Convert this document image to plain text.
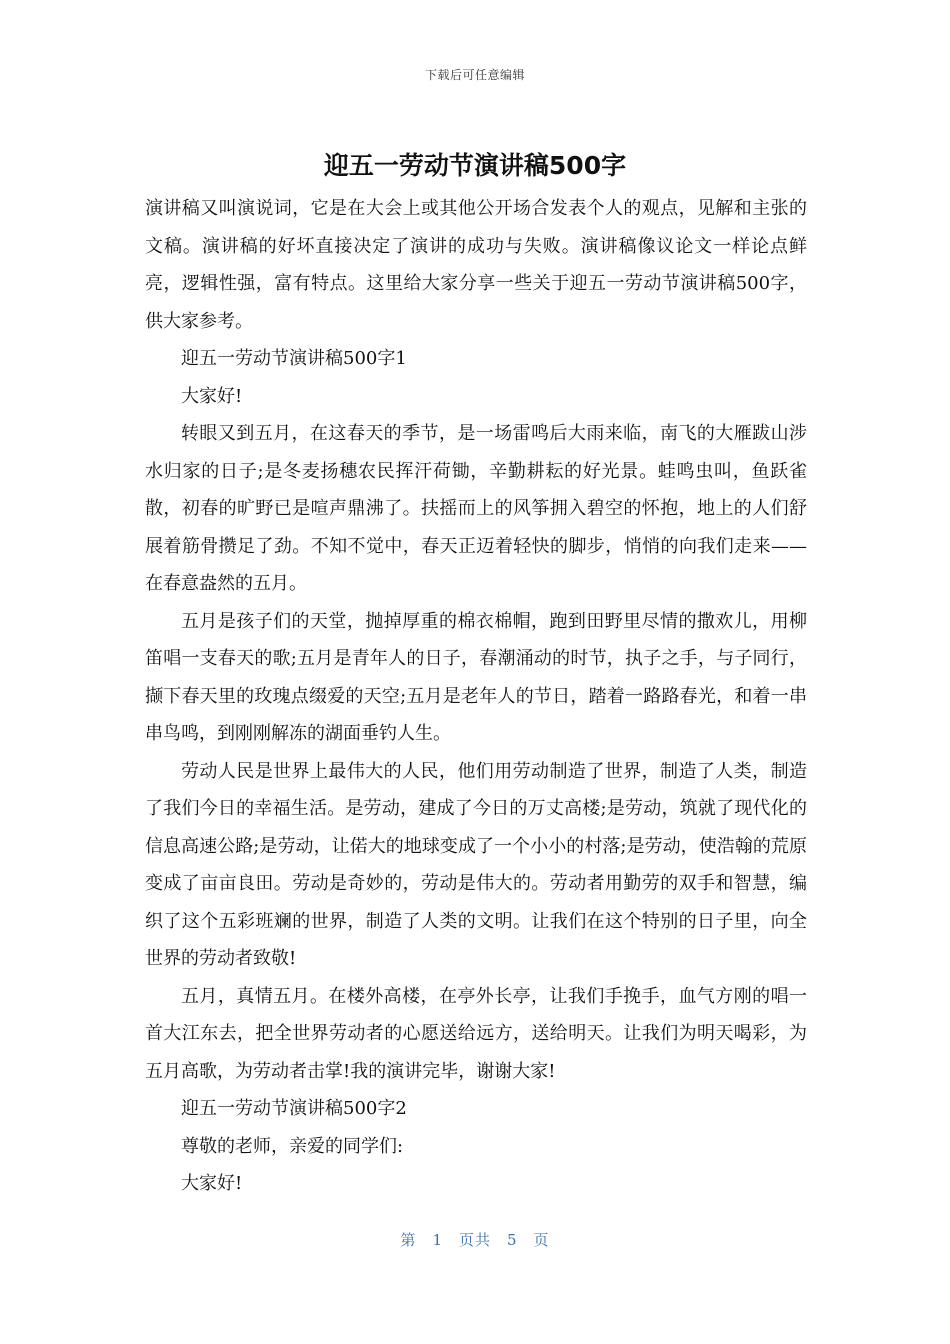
下载后可任意编辑
迎五一劳动节演讲稿500字

演讲稿又叫演说词，它是在大会上或其他公开场合发表个人的观点，见解和主张的文稿。演讲稿的好坏直接决定了演讲的成功与失败。演讲稿像议论文一样论点鲜亮，逻辑性强，富有特点。这里给大家分享一些关于迎五一劳动节演讲稿500字，供大家参考。

迎五一劳动节演讲稿500字1

大家好!

转眼又到五月，在这春天的季节，是一场雷鸣后大雨来临，南飞的大雁跋山涉水归家的日子;是冬麦扬穗农民挥汗荷锄，辛勤耕耘的好光景。蛙鸣虫叫，鱼跃雀散，初春的旷野已是喧声鼎沸了。扶摇而上的风筝拥入碧空的怀抱，地上的人们舒展着筋骨攒足了劲。不知不觉中，春天正迈着轻快的脚步，悄悄的向我们走来——在春意盎然的五月。

五月是孩子们的天堂，抛掉厚重的棉衣棉帽，跑到田野里尽情的撒欢儿，用柳笛唱一支春天的歌;五月是青年人的日子，春潮涌动的时节，执子之手，与子同行，撷下春天里的玫瑰点缀爱的天空;五月是老年人的节日，踏着一路路春光，和着一串串鸟鸣，到刚刚解冻的湖面垂钓人生。

劳动人民是世界上最伟大的人民，他们用劳动制造了世界，制造了人类，制造了我们今日的幸福生活。是劳动，建成了今日的万丈高楼;是劳动，筑就了现代化的信息高速公路;是劳动，让偌大的地球变成了一个小小的村落;是劳动，使浩翰的荒原变成了亩亩良田。劳动是奇妙的，劳动是伟大的。劳动者用勤劳的双手和智慧，编织了这个五彩班斓的世界，制造了人类的文明。让我们在这个特别的日子里，向全世界的劳动者致敬!

五月，真情五月。在楼外高楼，在亭外长亭，让我们手挽手，血气方刚的唱一首大江东去，把全世界劳动者的心愿送给远方，送给明天。让我们为明天喝彩，为五月高歌，为劳动者击掌!我的演讲完毕，谢谢大家!

迎五一劳动节演讲稿500字2

尊敬的老师，亲爱的同学们:

大家好!

第 1 页共 5 页
